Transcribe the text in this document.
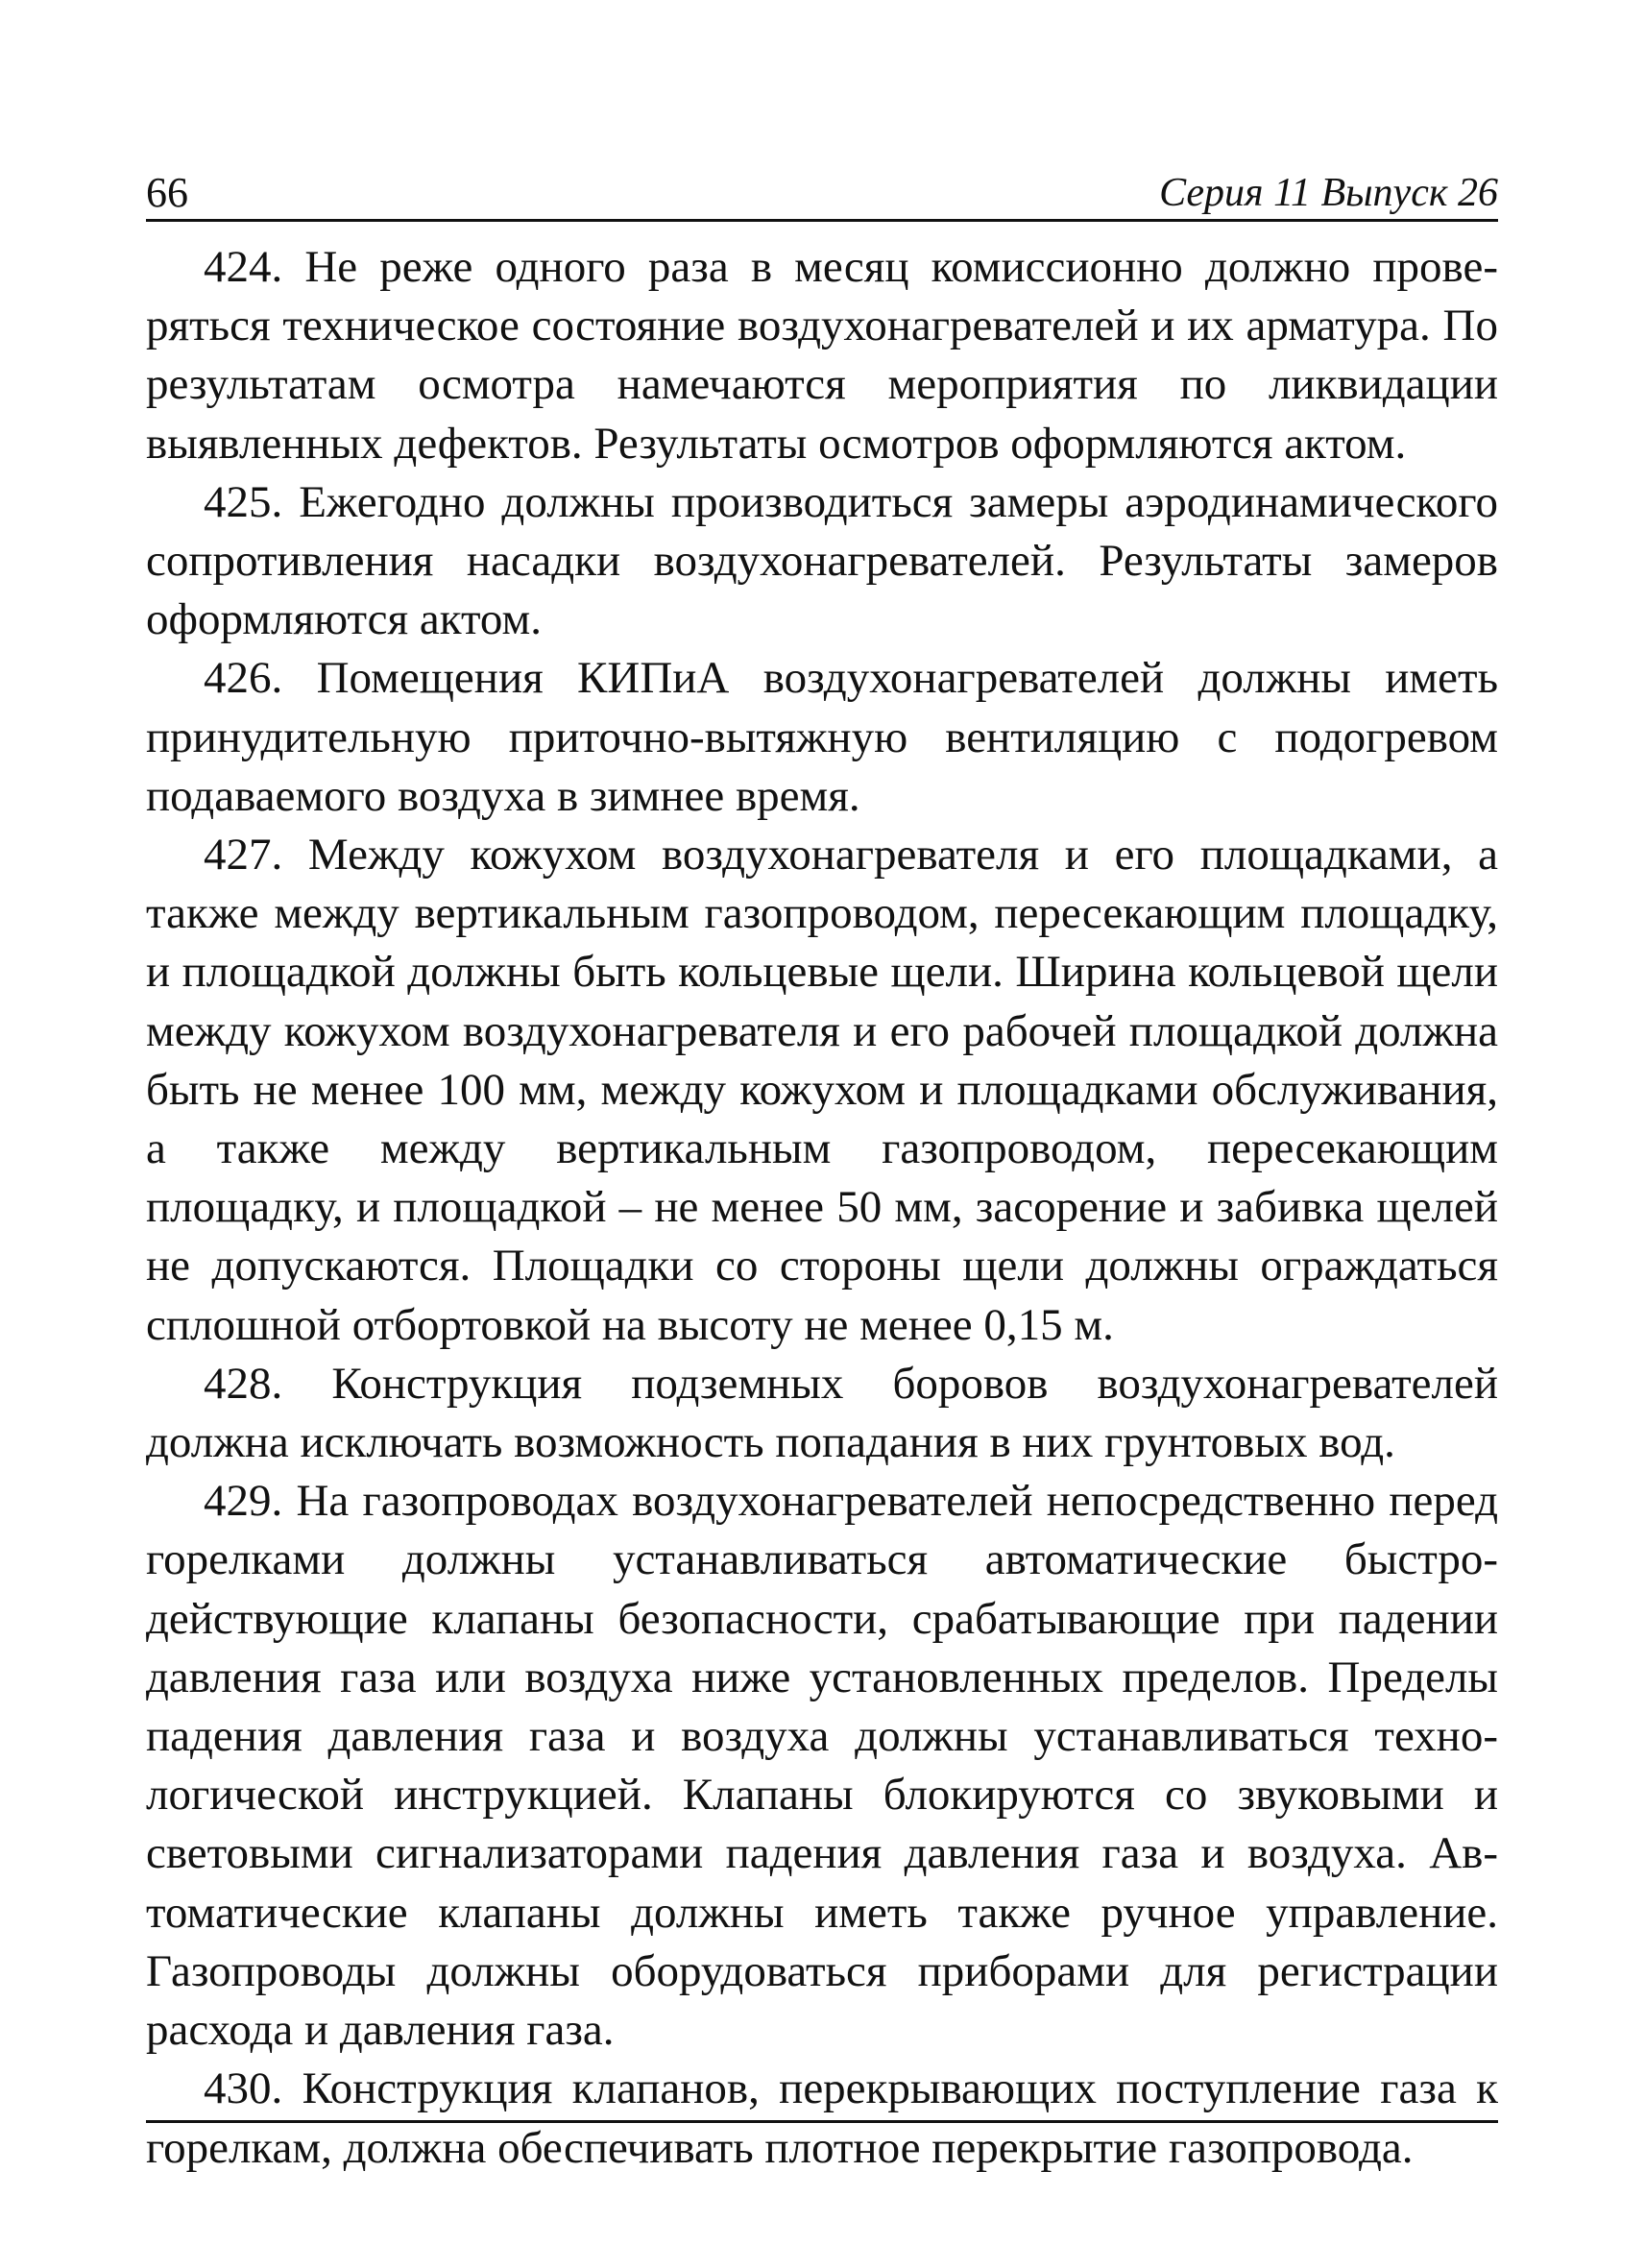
66	Серия 11 Выпуск 26

424. Не реже одного раза в месяц комиссионно должно проверяться техническое состояние воздухонагревателей и их арматура. По результатам осмотра намечаются мероприятия по ликвидации выявленных дефектов. Результаты осмотров оформляются актом.

425. Ежегодно должны производиться замеры аэродинамического сопротивления насадки воздухонагревателей. Результаты замеров оформляются актом.

426. Помещения КИПиА воздухонагревателей должны иметь принудительную приточно-вытяжную вентиляцию с подогревом подаваемого воздуха в зимнее время.

427. Между кожухом воздухонагревателя и его площадками, а также между вертикальным газопроводом, пересекающим площадку, и площадкой должны быть кольцевые щели. Ширина кольцевой щели между кожухом воздухонагревателя и его рабочей площадкой должна быть не менее 100 мм, между кожухом и площадками обслуживания, а также между вертикальным газопроводом, пересекающим площадку, и площадкой – не менее 50 мм, засорение и забивка щелей не допускаются. Площадки со стороны щели должны ограждаться сплошной отбортовкой на высоту не менее 0,15 м.

428. Конструкция подземных боровов воздухонагревателей должна исключать возможность попадания в них грунтовых вод.

429. На газопроводах воздухонагревателей непосредственно перед горелками должны устанавливаться автоматические быстродействующие клапаны безопасности, срабатывающие при падении давления газа или воздуха ниже установленных пределов. Пределы падения давления газа и воздуха должны устанавливаться технологической инструкцией. Клапаны блокируются со звуковыми и световыми сигнализаторами падения давления газа и воздуха. Автоматические клапаны должны иметь также ручное управление. Газопроводы должны оборудоваться приборами для регистрации расхода и давления газа.

430. Конструкция клапанов, перекрывающих поступление газа к горелкам, должна обеспечивать плотное перекрытие газопровода.
